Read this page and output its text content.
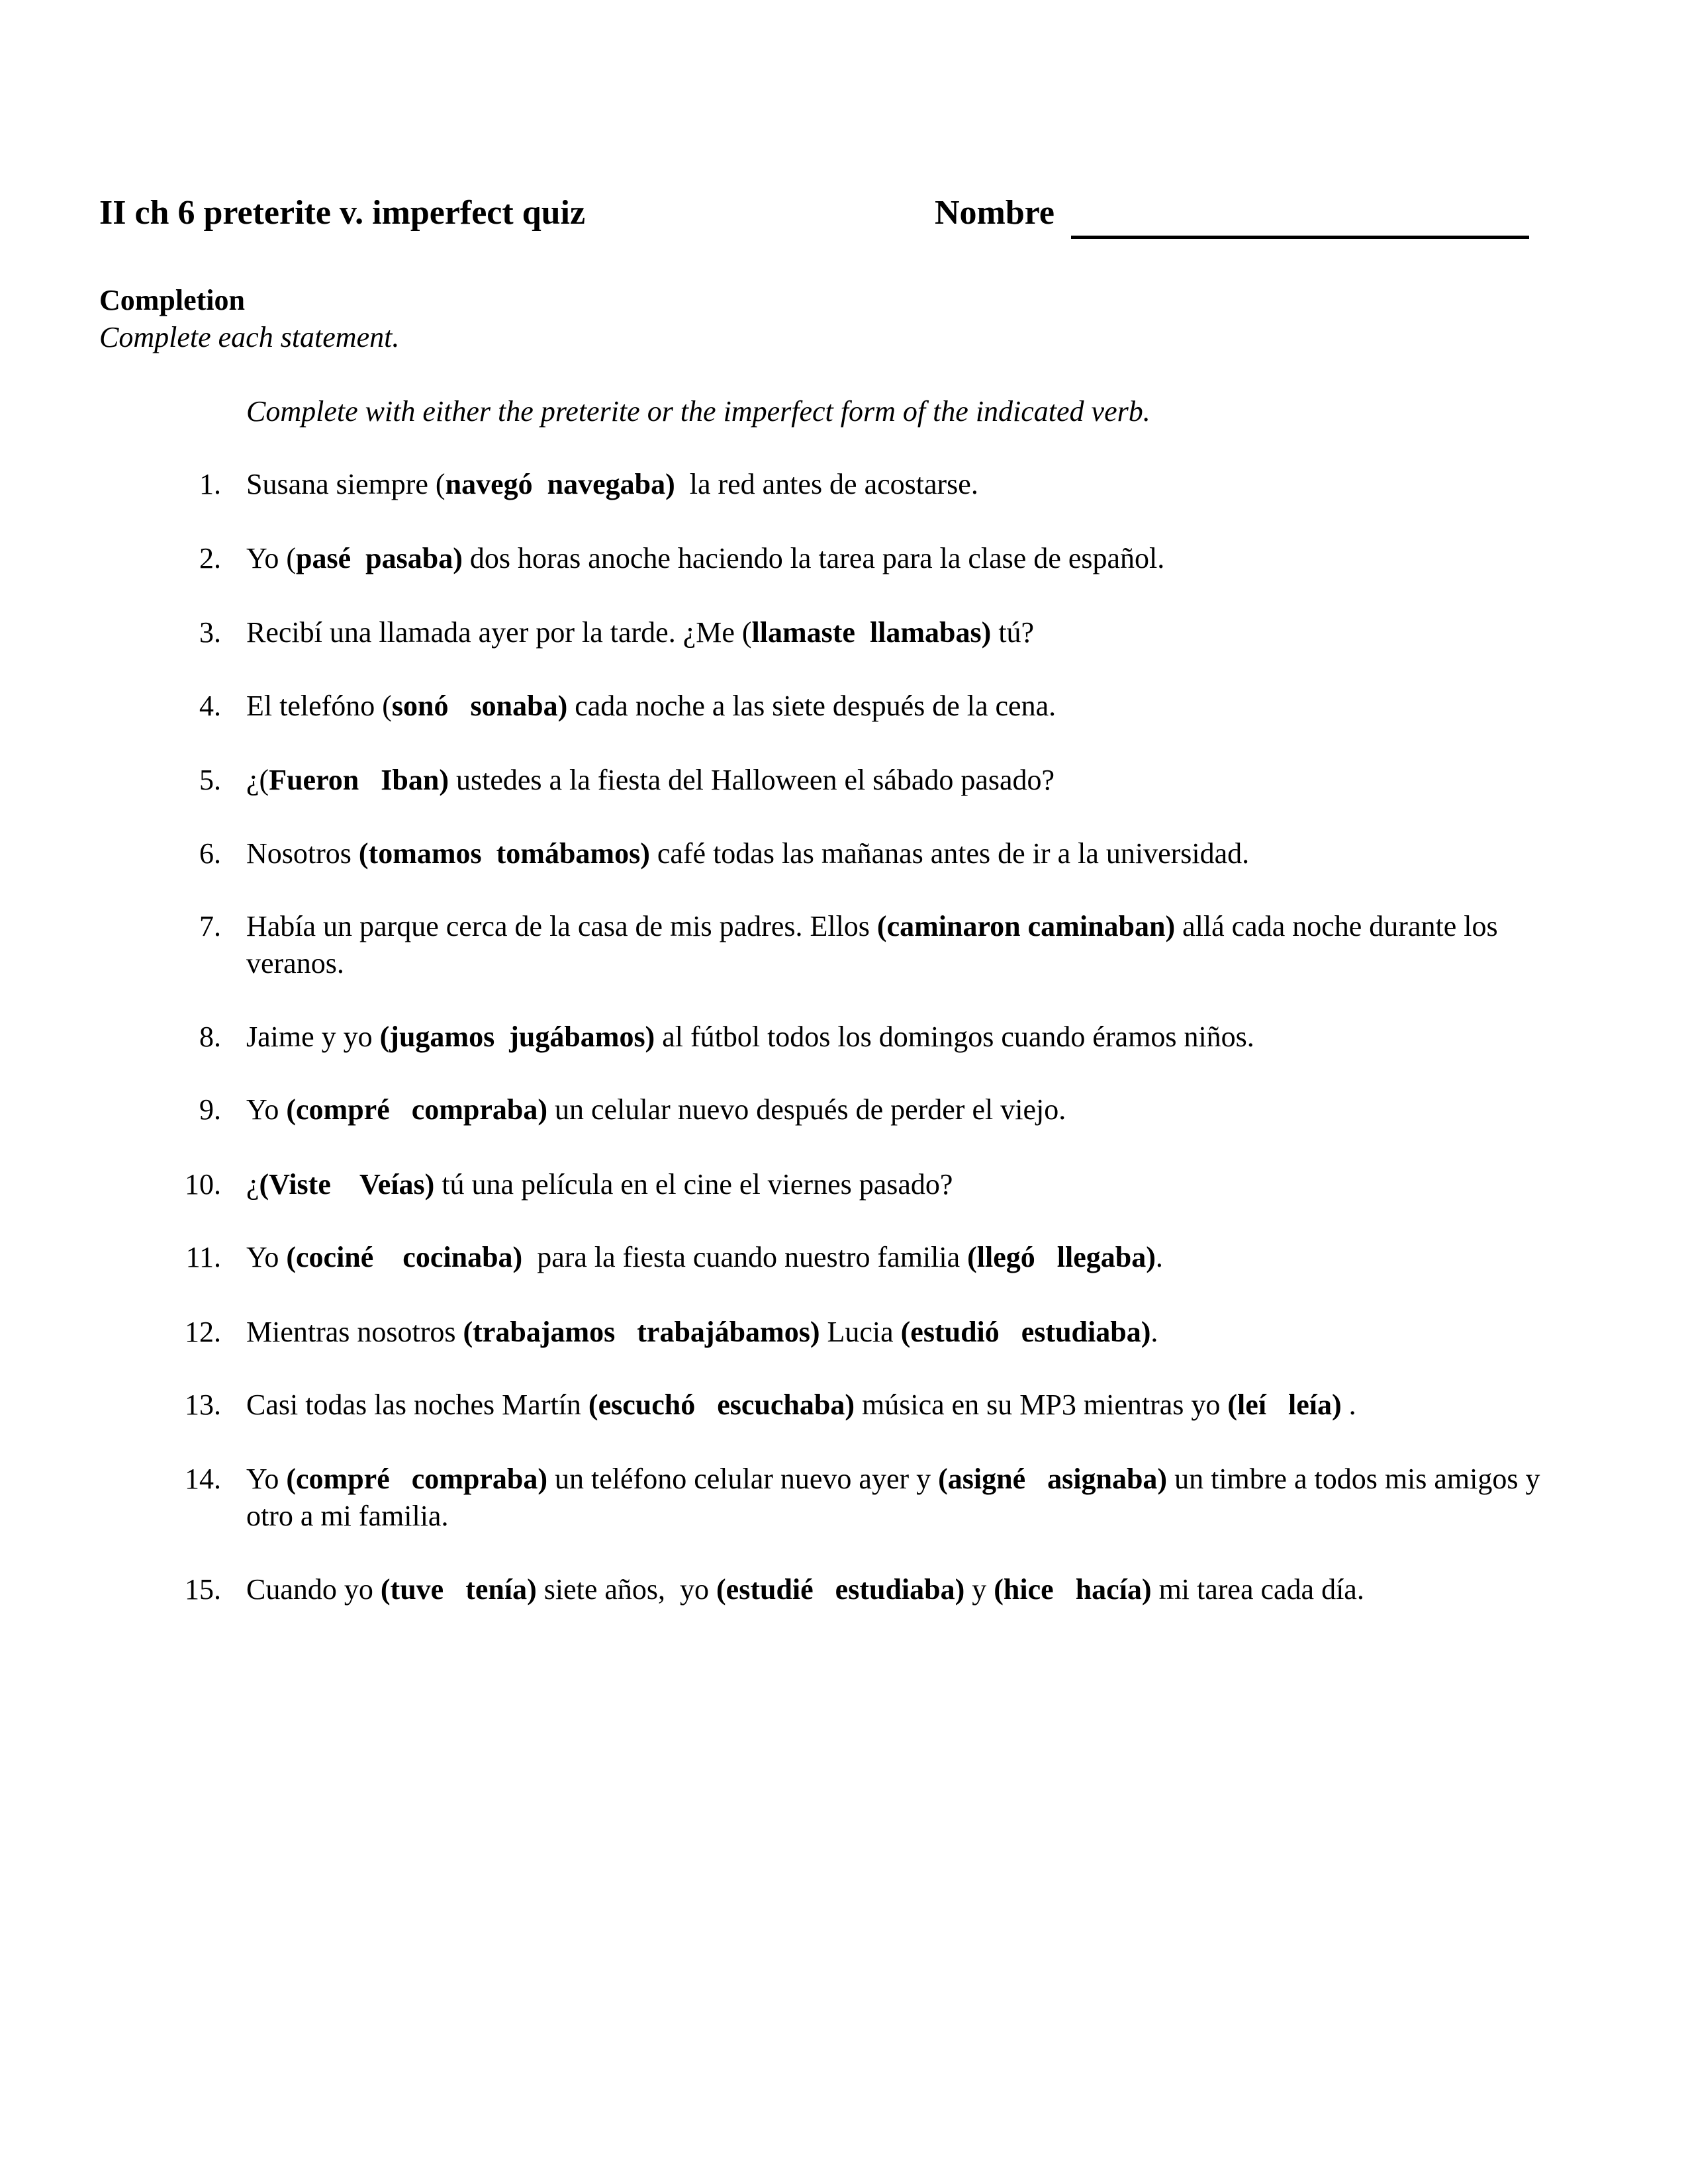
II ch 6 preterite v. imperfect quiz	Nombre
Completion
Complete each statement.
Complete with either the preterite or the imperfect form of the indicated verb.
1. Susana siempre (navegó  navegaba)  la red antes de acostarse.
2. Yo (pasé  pasaba) dos horas anoche haciendo la tarea para la clase de español.
3. Recibí una llamada ayer por la tarde. ¿Me (llamaste  llamabas) tú?
4. El telefóno (sonó   sonaba) cada noche a las siete después de la cena.
5. ¿(Fueron   Iban) ustedes a la fiesta del Halloween el sábado pasado?
6. Nosotros (tomamos  tomábamos) café todas las mañanas antes de ir a la universidad.
7. Había un parque cerca de la casa de mis padres. Ellos (caminaron caminaban) allá cada noche durante los veranos.
8. Jaime y yo (jugamos  jugábamos) al fútbol todos los domingos cuando éramos niños.
9. Yo (compré   compraba) un celular nuevo después de perder el viejo.
10. ¿(Viste    Veías) tú una película en el cine el viernes pasado?
11. Yo (cociné    cocinaba)  para la fiesta cuando nuestro familia (llegó   llegaba).
12. Mientras nosotros (trabajamos   trabajábamos) Lucia (estudió   estudiaba).
13. Casi todas las noches Martín (escuchó   escuchaba) música en su MP3 mientras yo (leí   leía) .
14. Yo (compré   compraba) un teléfono celular nuevo ayer y (asigné   asignaba) un timbre a todos mis amigos y otro a mi familia.
15. Cuando yo (tuve   tenía) siete años,  yo (estudié   estudiaba) y (hice   hacía) mi tarea cada día.
